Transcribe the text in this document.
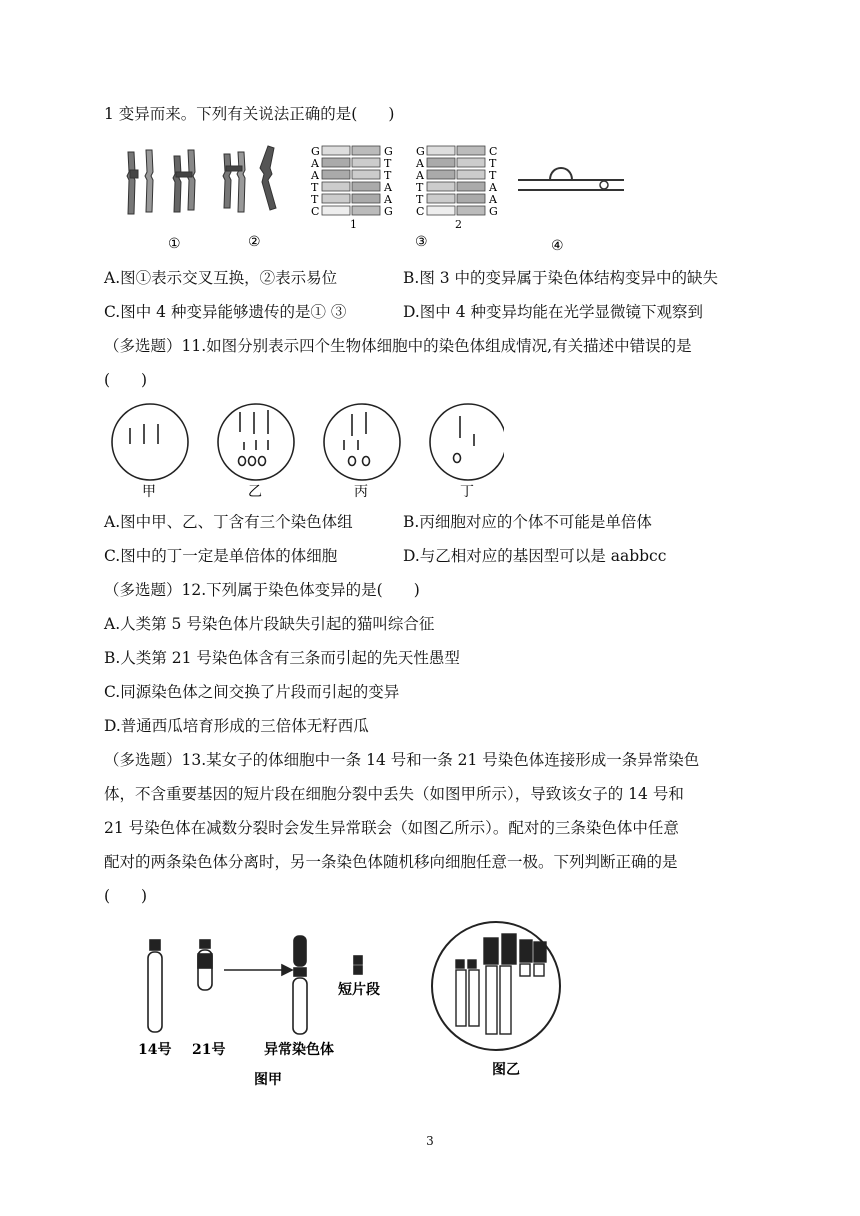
1 变异而来。下列有关说法正确的是(　　)
G
A
A
T
T
C
G
T
T
A
A
G
1
G
A
A
T
T
C
C
T
T
A
A
G
2
①	②	③	④
A.图①表示交叉互换，②表示易位	B.图 3 中的变异属于染色体结构变异中的缺失
C.图中 4 种变异能够遗传的是① ③	D.图中 4 种变异均能在光学显微镜下观察到
（多选题）11.如图分别表示四个生物体细胞中的染色体组成情况,有关描述中错误的是
(　　)
甲	乙	丙	丁
A.图中甲、乙、丁含有三个染色体组	B.丙细胞对应的个体不可能是单倍体
C.图中的丁一定是单倍体的体细胞	D.与乙相对应的基因型可以是 aabbcc
（多选题）12.下列属于染色体变异的是(　　)
A.人类第 5 号染色体片段缺失引起的猫叫综合征
B.人类第 21 号染色体含有三条而引起的先天性愚型
C.同源染色体之间交换了片段而引起的变异
D.普通西瓜培育形成的三倍体无籽西瓜
（多选题）13.某女子的体细胞中一条 14 号和一条 21 号染色体连接形成一条异常染色
体，不含重要基因的短片段在细胞分裂中丢失（如图甲所示），导致该女子的 14 号和
21 号染色体在减数分裂时会发生异常联会（如图乙所示）。配对的三条染色体中任意
配对的两条染色体分离时，另一条染色体随机移向细胞任意一极。下列判断正确的是
(　　)
短片段
14号 21号	异常染色体
图甲
图乙
3
